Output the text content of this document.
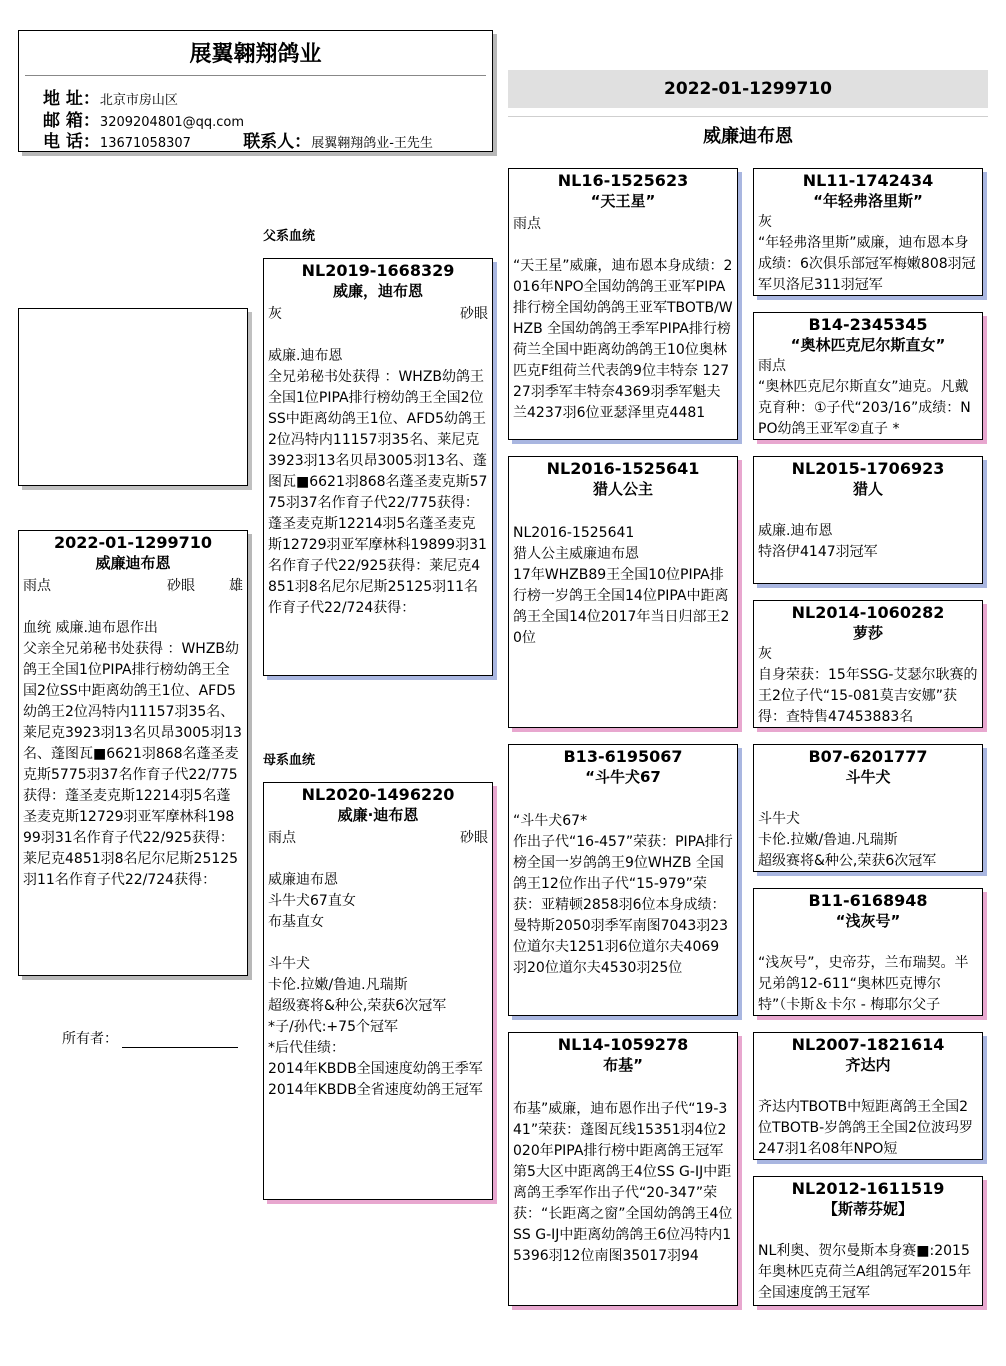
展翼翱翔鸽业
地 址：北京市房山区
邮 箱：3209204801@qq.com
电 话：13671058307	联系人：展翼翱翔鸽业-王先生
2022-01-1299710
威廉迪布恩
父系血统
母系血统
2022-01-1299710
威廉迪布恩
雨点	砂眼	雄

血统 威廉.迪布恩作出
父亲全兄弟秘书处获得 ：WHZB幼鸽王全国1位PIPA排行榜幼鸽王全国2位SS中距离幼鸽王1位、AFD5幼鸽王2位冯特内11157羽35名、莱尼克3923羽13名贝昂3005羽13名、蓬图瓦■6621羽868名蓬圣麦克斯5775羽37名作育子代22/775获得：蓬圣麦克斯12214羽5名蓬圣麦克斯12729羽亚军摩林科19899羽31名作育子代22/925获得：莱尼克4851羽8名尼尔尼斯25125羽11名作育子代22/724获得：
所有者：
NL2019-1668329
威廉，迪布恩
灰	砂眼

威廉.迪布恩
全兄弟秘书处获得 ：WHZB幼鸽王全国1位PIPA排行榜幼鸽王全国2位SS中距离幼鸽王1位、AFD5幼鸽王2位冯特内11157羽35名、莱尼克3923羽13名贝昂3005羽13名、蓬图瓦■6621羽868名蓬圣麦克斯5775羽37名作育子代22/775获得：蓬圣麦克斯12214羽5名蓬圣麦克斯12729羽亚军摩林科19899羽31名作育子代22/925获得：莱尼克4851羽8名尼尔尼斯25125羽11名作育子代22/724获得：
NL2020-1496220
威廉·迪布恩
雨点	砂眼

威廉迪布恩
斗牛犬67直女
布基直女

斗牛犬
卡伦.拉嫩/鲁迪.凡瑞斯
超级赛将&种公,荣获6次冠军
*子/孙代:+75个冠军
*后代佳绩：
2014年KBDB全国速度幼鸽王季军
2014年KBDB全省速度幼鸽王冠军
NL16-1525623
“天王星”
雨点

“天王星”威廉，迪布恩本身成绩：2016年NPO全国幼鸽鸽王亚军PIPA排行榜全国幼鸽鸽王亚军TBOTB/WHZB 全国幼鸽鸽王季军PIPA排行榜荷兰全国中距离幼鸽鸽王10位奥林匹克F组荷兰代表鸽9位丰特奈 12727羽季军丰特奈4369羽季军魁夫兰4237羽6位亚瑟泽里克4481
NL2016-1525641
猎人公主

NL2016-1525641
猎人公主威廉迪布恩
17年WHZB89王全国10位PIPA排行榜一岁鸽王全国14位PIPA中距离鸽王全国14位2017年当日归部王20位
B13-6195067
“斗牛犬67

“斗牛犬67*
作出子代“16-457”荣获：PIPA排行榜全国一岁鸽鸽王9位WHZB 全国鸽王12位作出子代“15-979”荣获：亚精顿2858羽6位本身成绩：曼特斯2050羽季军南图7043羽23位道尔夫1251羽6位道尔夫4069羽20位道尔夫4530羽25位
NL14-1059278
布基”

布基”威廉，迪布恩作出子代“19-341”荣获：蓬图瓦线15351羽4位2020年PIPA排行榜中距离鸽王冠军第5大区中距离鸽王4位SS G-IJ中距离鸽王季军作出子代“20-347”荣获：“长距离之窗”全国幼鸽鸽王4位SS G-IJ中距离幼鸽鸽王6位冯特内15396羽12位南图35017羽94
NL11-1742434
“年轻弗洛里斯”
灰
“年轻弗洛里斯”威廉，迪布恩本身成绩：6次俱乐部冠军梅嫩808羽冠军贝洛尼311羽冠军
B14-2345345
“奥林匹克尼尔斯直女”
雨点
“奥林匹克尼尔斯直女”迪克。凡戴克育种：①子代“203/16”成绩：NPO幼鸽王亚军②直子 *
NL2015-1706923
猎人
威廉.迪布恩
特洛伊4147羽冠军
NL2014-1060282
萝莎
灰
自身荣获：15年SSG-艾瑟尔耿赛的王2位子代“15-081莫吉安娜”获得：查特售47453883名
B07-6201777
斗牛犬
斗牛犬
卡伦.拉嫩/鲁迪.凡瑞斯
超级赛将&种公,荣获6次冠军
B11-6168948
“浅灰号”
“浅灰号”，史帝芬，兰布瑞契。半兄弟鸽12-611“奥林匹克博尔特”（卡斯＆卡尔 - 梅耶尔父子
NL2007-1821614
齐达内
齐达内TBOTB中短距离鸽王全国2位TBOTB-岁鸽鸽王全国2位波玛罗247羽1名08年NPO短
NL2012-1611519
【斯蒂芬妮】
NL利奥、贺尔曼斯本身赛■:2015年奥林匹克荷兰A组鸽冠军2015年全国速度鸽王冠军
